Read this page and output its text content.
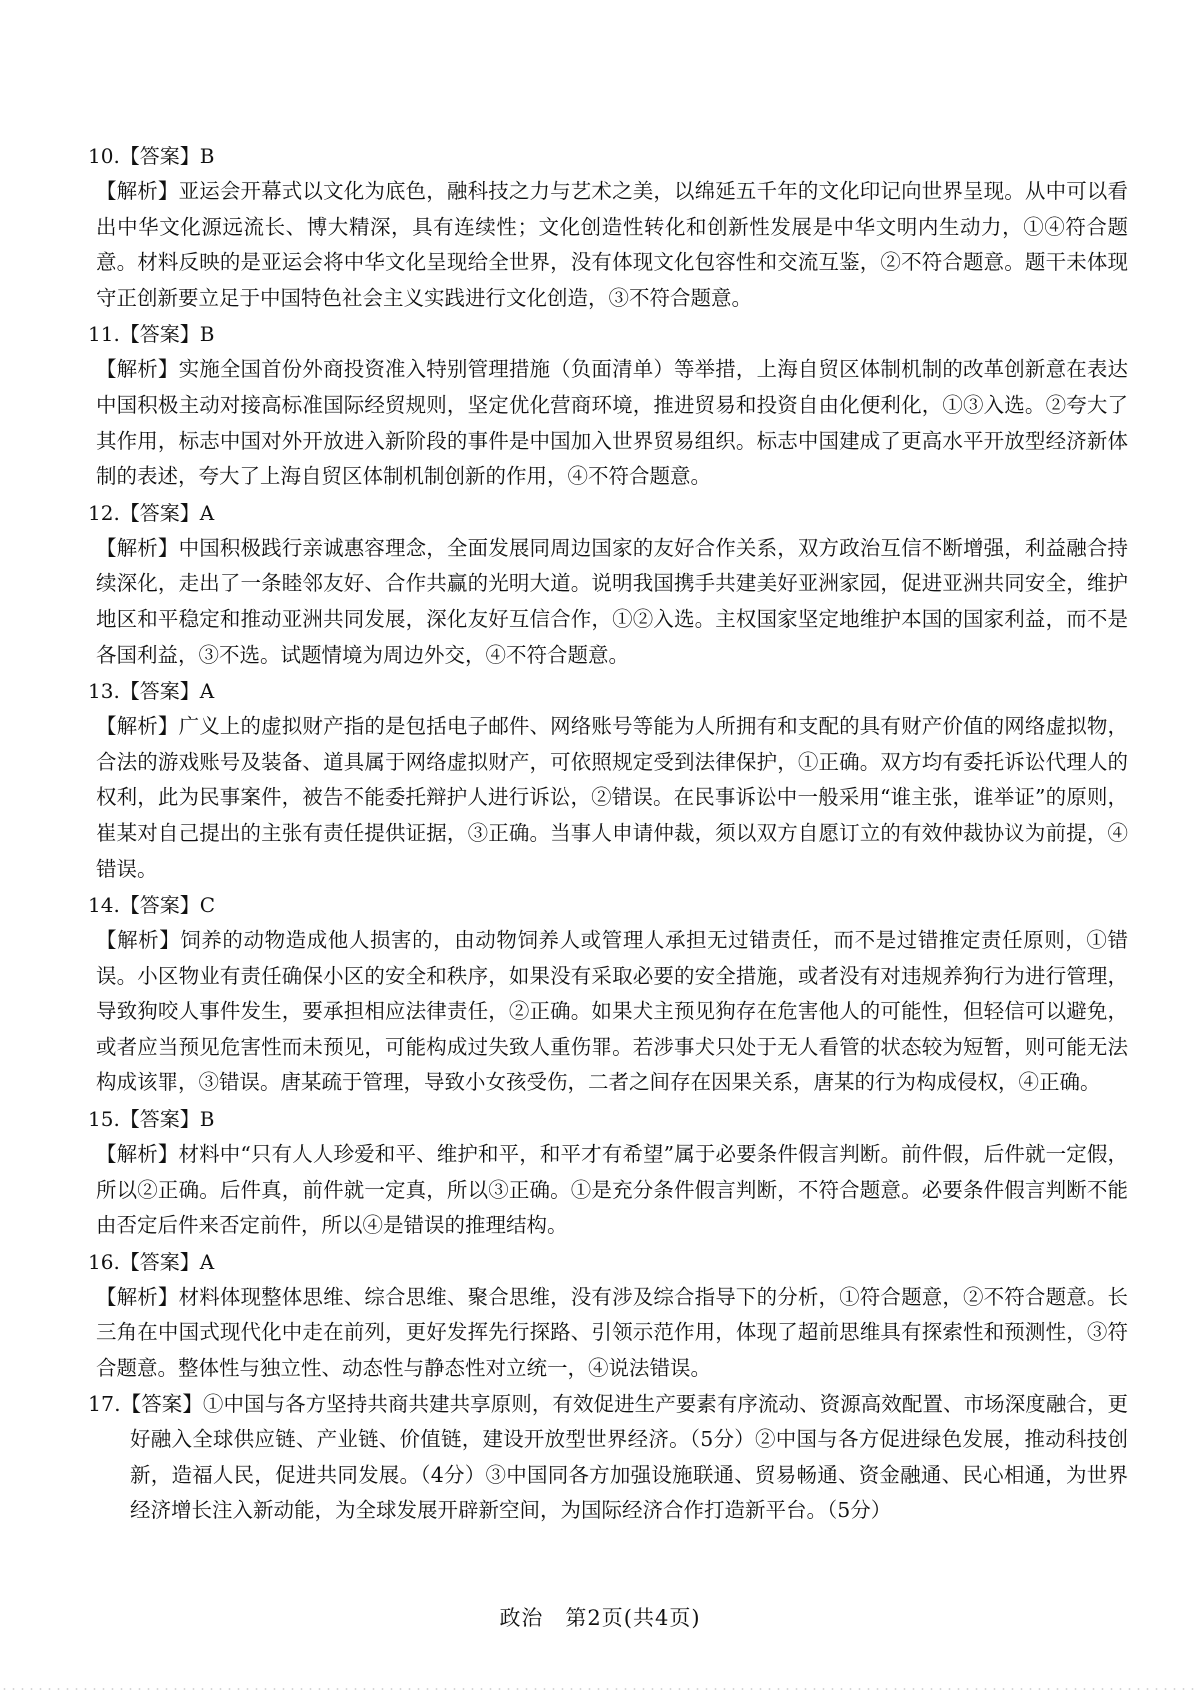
10.【答案】B

【解析】亚运会开幕式以文化为底色，融科技之力与艺术之美，以绵延五千年的文化印记向世界呈现。从中可以看出中华文化源远流长、博大精深，具有连续性；文化创造性转化和创新性发展是中华文明内生动力，①④符合题意。材料反映的是亚运会将中华文化呈现给全世界，没有体现文化包容性和交流互鉴，②不符合题意。题干未体现守正创新要立足于中国特色社会主义实践进行文化创造，③不符合题意。

11.【答案】B

【解析】实施全国首份外商投资准入特别管理措施（负面清单）等举措，上海自贸区体制机制的改革创新意在表达中国积极主动对接高标准国际经贸规则，坚定优化营商环境，推进贸易和投资自由化便利化，①③入选。②夸大了其作用，标志中国对外开放进入新阶段的事件是中国加入世界贸易组织。标志中国建成了更高水平开放型经济新体制的表述，夸大了上海自贸区体制机制创新的作用，④不符合题意。

12.【答案】A

【解析】中国积极践行亲诚惠容理念，全面发展同周边国家的友好合作关系，双方政治互信不断增强，利益融合持续深化，走出了一条睦邻友好、合作共赢的光明大道。说明我国携手共建美好亚洲家园，促进亚洲共同安全，维护地区和平稳定和推动亚洲共同发展，深化友好互信合作，①②入选。主权国家坚定地维护本国的国家利益，而不是各国利益，③不选。试题情境为周边外交，④不符合题意。

13.【答案】A

【解析】广义上的虚拟财产指的是包括电子邮件、网络账号等能为人所拥有和支配的具有财产价值的网络虚拟物，合法的游戏账号及装备、道具属于网络虚拟财产，可依照规定受到法律保护，①正确。双方均有委托诉讼代理人的权利，此为民事案件，被告不能委托辩护人进行诉讼，②错误。在民事诉讼中一般采用“谁主张，谁举证”的原则，崔某对自己提出的主张有责任提供证据，③正确。当事人申请仲裁，须以双方自愿订立的有效仲裁协议为前提，④错误。

14.【答案】C

【解析】饲养的动物造成他人损害的，由动物饲养人或管理人承担无过错责任，而不是过错推定责任原则，①错误。小区物业有责任确保小区的安全和秩序，如果没有采取必要的安全措施，或者没有对违规养狗行为进行管理，导致狗咬人事件发生，要承担相应法律责任，②正确。如果犬主预见狗存在危害他人的可能性，但轻信可以避免，或者应当预见危害性而未预见，可能构成过失致人重伤罪。若涉事犬只处于无人看管的状态较为短暂，则可能无法构成该罪，③错误。唐某疏于管理，导致小女孩受伤，二者之间存在因果关系，唐某的行为构成侵权，④正确。

15.【答案】B

【解析】材料中“只有人人珍爱和平、维护和平，和平才有希望”属于必要条件假言判断。前件假，后件就一定假，所以②正确。后件真，前件就一定真，所以③正确。①是充分条件假言判断，不符合题意。必要条件假言判断不能由否定后件来否定前件，所以④是错误的推理结构。

16.【答案】A

【解析】材料体现整体思维、综合思维、聚合思维，没有涉及综合指导下的分析，①符合题意，②不符合题意。长三角在中国式现代化中走在前列，更好发挥先行探路、引领示范作用，体现了超前思维具有探索性和预测性，③符合题意。整体性与独立性、动态性与静态性对立统一，④说法错误。

17.【答案】①中国与各方坚持共商共建共享原则，有效促进生产要素有序流动、资源高效配置、市场深度融合，更好融入全球供应链、产业链、价值链，建设开放型世界经济。（5分）②中国与各方促进绿色发展，推动科技创新，造福人民，促进共同发展。（4分）③中国同各方加强设施联通、贸易畅通、资金融通、民心相通，为世界经济增长注入新动能，为全球发展开辟新空间，为国际经济合作打造新平台。（5分）

政治　第2页(共4页)
